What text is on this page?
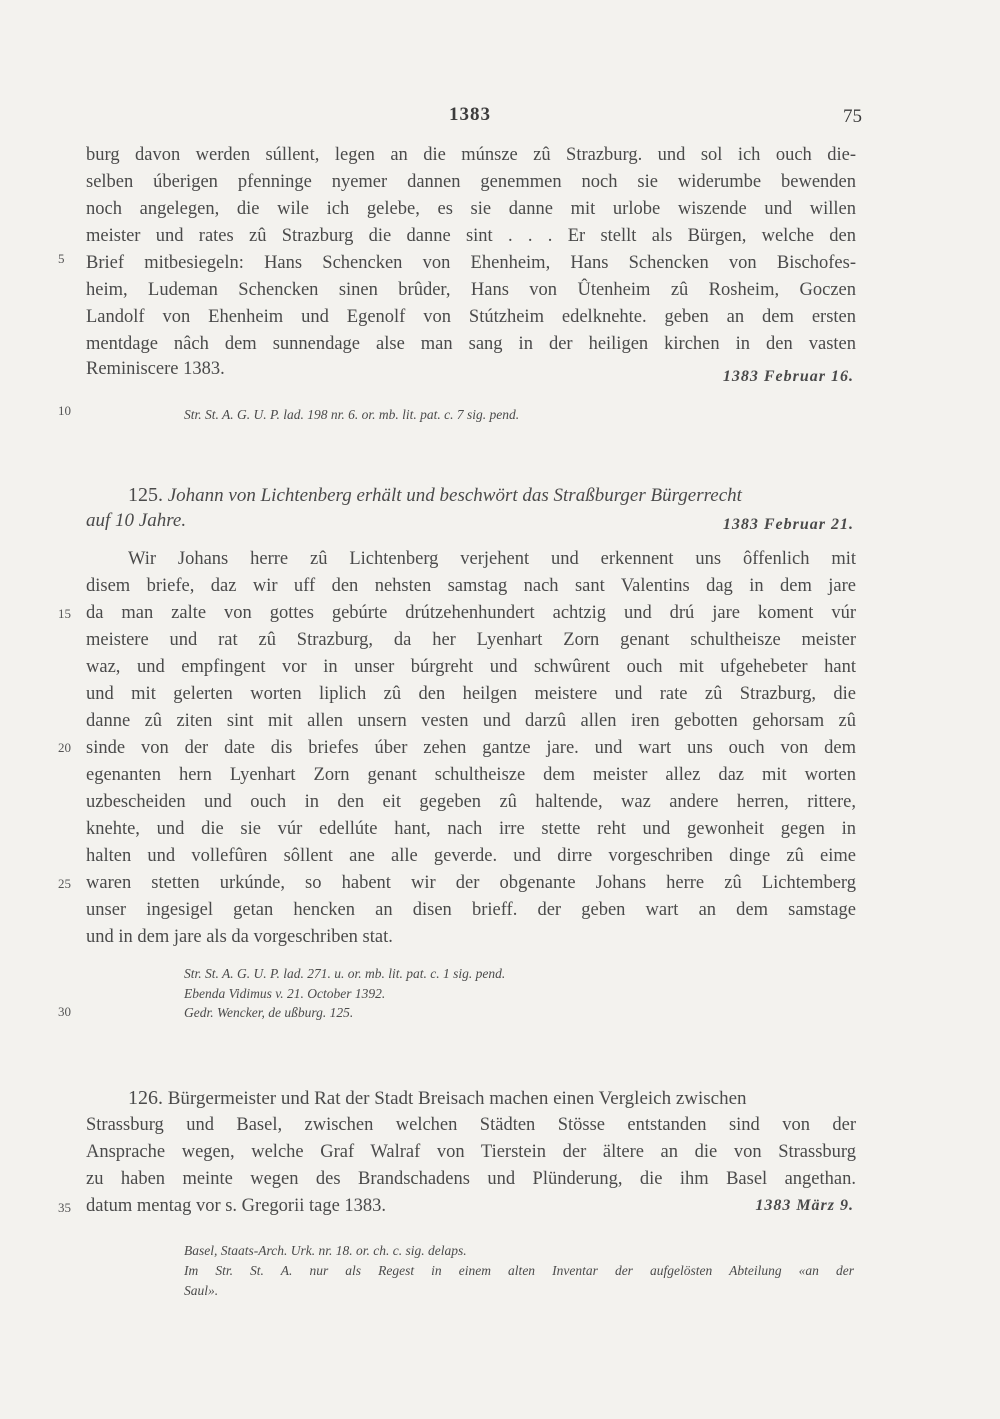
1383	75
burg davon werden súllent, legen an die múnsze zû Strazburg. und sol ich ouch die-
selben úberigen pfenninge nyemer dannen genemmen noch sie widerumbe bewenden
noch angelegen, die wile ich gelebe, es sie danne mit urlobe wiszende und willen
meister und rates zû Strazburg die danne sint . . . Er stellt als Bürgen, welche den
5 Brief mitbesiegeln: Hans Schencken von Ehenheim, Hans Schencken von Bischofes-
heim, Ludeman Schencken sinen brûder, Hans von Ûtenheim zû Rosheim, Goczen
Landolf von Ehenheim und Egenolf von Stútzheim edelknehte. geben an dem ersten
mentdage nâch dem sunnendage alse man sang in der heiligen kirchen in den vasten
Reminiscere 1383.	1383 Februar 16.
10	Str. St. A. G. U. P. lad. 198 nr. 6. or. mb. lit. pat. c. 7 sig. pend.
125. Johann von Lichtenberg erhält und beschwört das Straßburger Bürgerrecht
auf 10 Jahre.	1383 Februar 21.
Wir Johans herre zû Lichtenberg verjehent und erkennent uns ôffenlich mit
disem briefe, daz wir uff den nehsten samstag nach sant Valentins dag in dem jare
15 da man zalte von gottes gebúrte drútzehenhundert achtzig und drú jare koment vúr
meistere und rat zû Strazburg, da her Lyenhart Zorn genant schultheisze meister
waz, und empfingent vor in unser búrgreht und schwûrent ouch mit ufgehebeter hant
und mit gelerten worten liplich zû den heilgen meistere und rate zû Strazburg, die
danne zû ziten sint mit allen unsern vesten und darzû allen iren gebotten gehorsam zû
20 sinde von der date dis briefes úber zehen gantze jare. und wart uns ouch von dem
egenanten hern Lyenhart Zorn genant schultheisze dem meister allez daz mit worten
uzbescheiden und ouch in den eit gegeben zû haltende, waz andere herren, rittere,
knehte, und die sie vúr edellúte hant, nach irre stette reht und gewonheit gegen in
halten und vollefûren sôllent ane alle geverde. und dirre vorgeschriben dinge zû eime
25 waren stetten urkúnde, so habent wir der obgenante Johans herre zû Lichtemberg
unser ingesigel getan hencken an disen brieff. der geben wart an dem samstage
und in dem jare als da vorgeschriben stat.
Str. St. A. G. U. P. lad. 271. u. or. mb. lit. pat. c. 1 sig. pend.
Ebenda Vidimus v. 21. October 1392.
30	Gedr. Wencker, de ußburg. 125.
126. Bürgermeister und Rat der Stadt Breisach machen einen Vergleich zwischen
Strassburg und Basel, zwischen welchen Städten Stösse entstanden sind von der
Ansprache wegen, welche Graf Walraf von Tierstein der ältere an die von Strassburg
zu haben meinte wegen des Brandschadens und Plünderung, die ihm Basel angethan.
35 datum mentag vor s. Gregorii tage 1383.	1383 März 9.
Basel, Staats-Arch. Urk. nr. 18. or. ch. c. sig. delaps.
Im Str. St. A. nur als Regest in einem alten Inventar der aufgelösten Abteilung «an der
Saul».
